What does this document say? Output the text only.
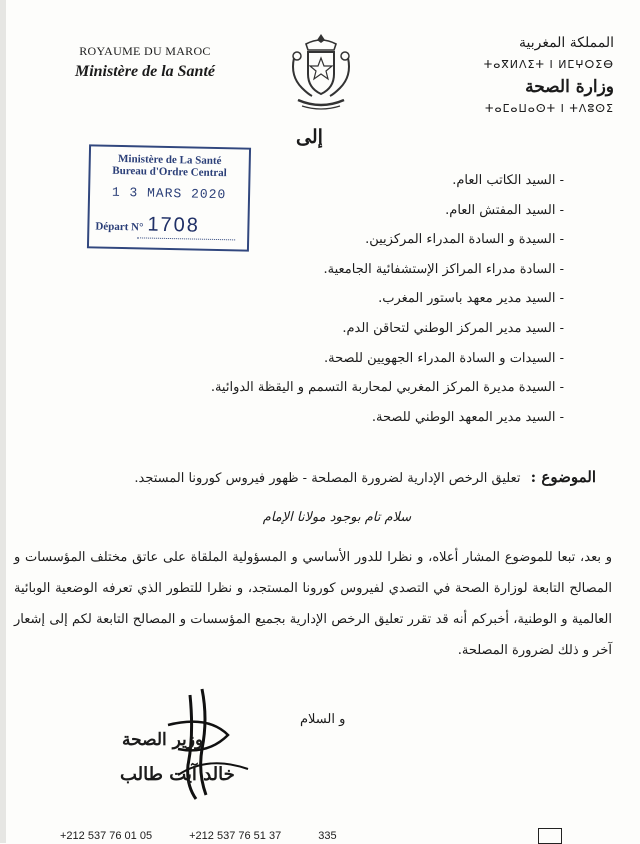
ROYAUME DU MAROC
Ministère de la Santé
المملكة المغربية
ⵜⴰⴳⵍⴷⵉⵜ ⵏ ⵍⵎⵖⵔⵉⴱ
وزارة الصحة
ⵜⴰⵎⴰⵡⴰⵙⵜ ⵏ ⵜⴷⵓⵙⵉ
إلى
Ministère de La Santé
Bureau d'Ordre Central
1 3 MARS 2020
Départ N° 1708
- السيد الكاتب العام.
- السيد المفتش العام.
- السيدة و السادة المدراء المركزيين.
- السادة مدراء المراكز الإستشفائية الجامعية.
- السيد مدير معهد باستور المغرب.
- السيد مدير المركز الوطني لتحاقن الدم.
- السيدات و السادة المدراء الجهويين للصحة.
- السيدة مديرة المركز المغربي لمحاربة التسمم و اليقظة الدوائية.
- السيد مدير المعهد الوطني للصحة.
الموضوع : تعليق الرخص الإدارية لضرورة المصلحة - ظهور فيروس كورونا المستجد.
سلام تام بوجود مولانا الإمام
و بعد، تبعا للموضوع المشار أعلاه، و نظرا للدور الأساسي و المسؤولية الملقاة على عاتق مختلف المؤسسات و المصالح التابعة لوزارة الصحة في التصدي لفيروس كورونا المستجد، و نظرا للتطور الذي تعرفه الوضعية الوبائية العالمية و الوطنية، أخبركم أنه قد تقرر تعليق الرخص الإدارية بجميع المؤسسات و المصالح التابعة لكم إلى إشعار آخر و ذلك لضرورة المصلحة.
و السلام
وزير الصحة
خالد آيت طالب
+212 537 76 01 05	+212 537 76 51 37	335
